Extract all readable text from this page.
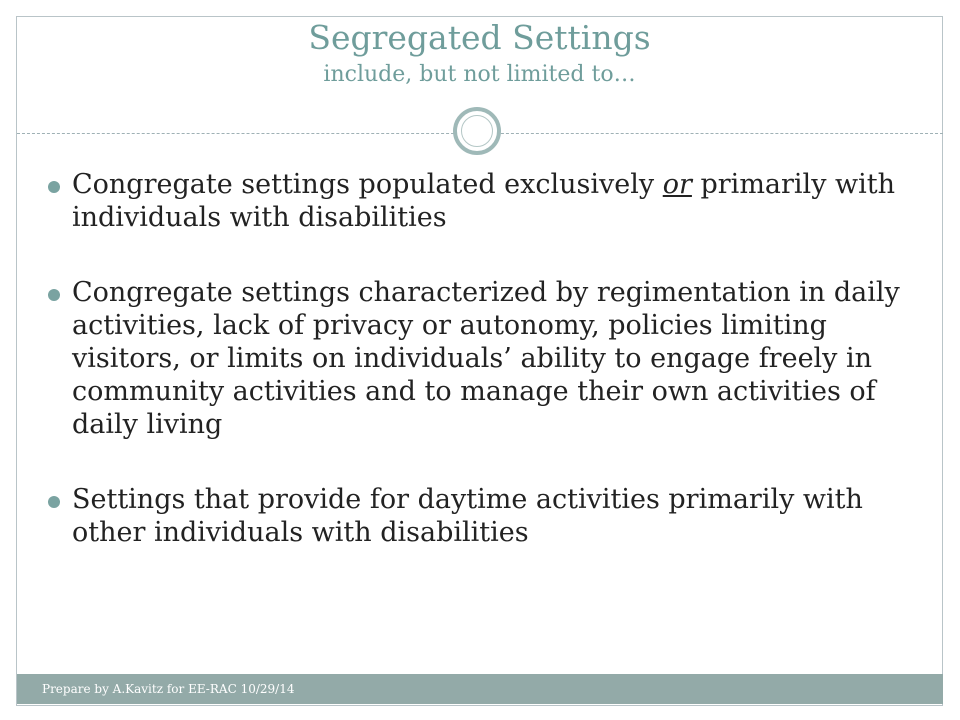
Segregated Settings
include, but not limited to…
Congregate settings populated exclusively or primarily with individuals with disabilities
Congregate settings characterized by regimentation in daily activities, lack of privacy or autonomy, policies limiting visitors, or limits on individuals’ ability to engage freely in community activities and to manage their own activities of daily living
Settings that provide for daytime activities primarily with other individuals with disabilities
Prepare by A.Kavitz for EE-RAC 10/29/14
